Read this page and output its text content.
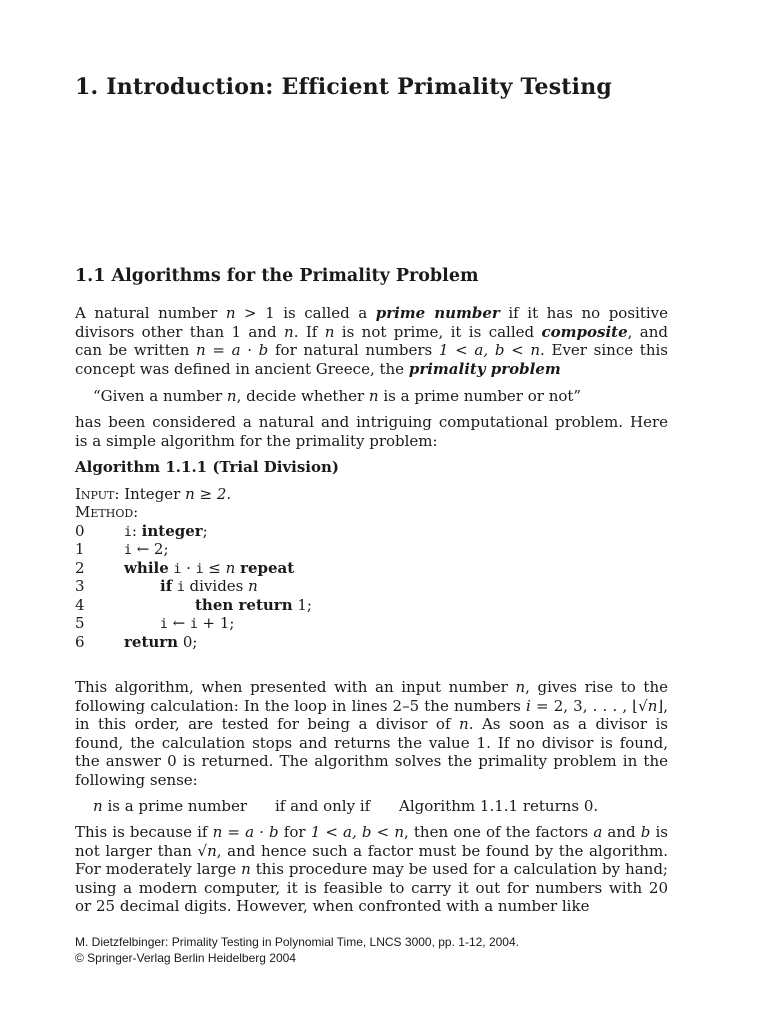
1. Introduction: Efficient Primality Testing
1.1 Algorithms for the Primality Problem
A natural number n > 1 is called a prime number if it has no positive
divisors other than 1 and n. If n is not prime, it is called composite, and
can be written n = a · b for natural numbers 1 < a, b < n. Ever since this
concept was defined in ancient Greece, the primality problem
“Given a number n, decide whether n is a prime number or not”
has been considered a natural and intriguing computational problem. Here
is a simple algorithm for the primality problem:
Algorithm 1.1.1 (Trial Division)
Input: Integer n ≥ 2.
Method:
0	i: integer;
1	i ← 2;
2	while i · i ≤ n repeat
3	if i divides n
4	then return 1;
5	i ← i + 1;
6	return 0;
This algorithm, when presented with an input number n, gives rise to the
following calculation: In the loop in lines 2–5 the numbers i = 2, 3, . . . , ⌊√n⌋,
in this order, are tested for being a divisor of n. As soon as a divisor is
found, the calculation stops and returns the value 1. If no divisor is found,
the answer 0 is returned. The algorithm solves the primality problem in the
following sense:
n is a prime number if and only if Algorithm 1.1.1 returns 0.
This is because if n = a · b for 1 < a, b < n, then one of the factors a and b is
not larger than √n, and hence such a factor must be found by the algorithm.
For moderately large n this procedure may be used for a calculation by hand;
using a modern computer, it is feasible to carry it out for numbers with 20
or 25 decimal digits. However, when confronted with a number like
M. Dietzfelbinger: Primality Testing in Polynomial Time, LNCS 3000, pp. 1-12, 2004.
© Springer-Verlag Berlin Heidelberg 2004
